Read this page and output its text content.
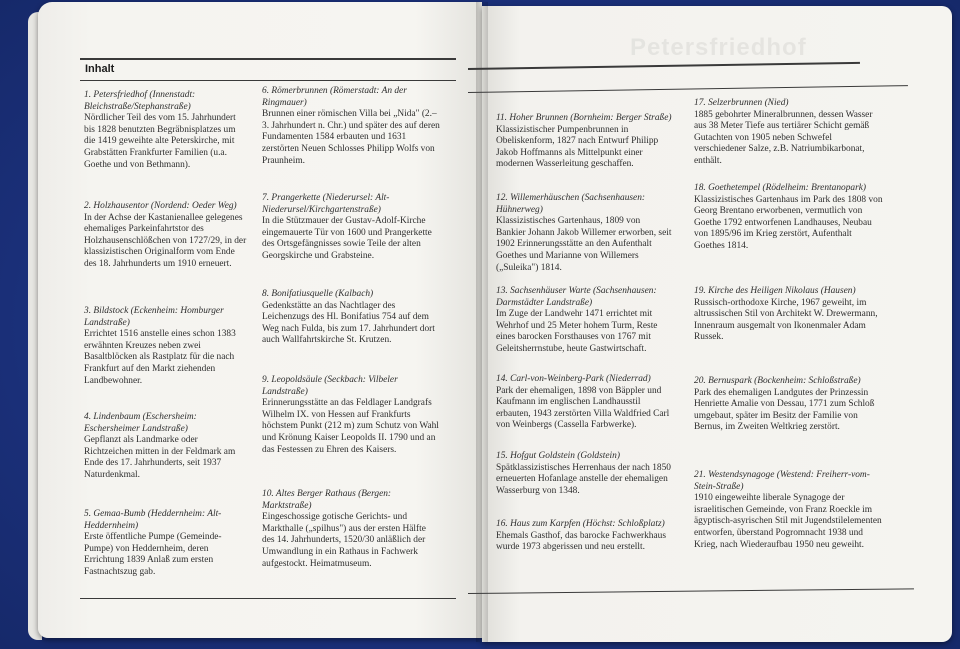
Petersfriedhof
Inhalt
1. Petersfriedhof (Innenstadt: Bleichstraße/Stephanstraße)
Nördlicher Teil des vom 15. Jahrhundert bis 1828 benutzten Begräbnisplatzes um die 1419 geweihte alte Peterskirche, mit Grabstätten Frankfurter Familien (u.a. Goethe und von Bethmann).
2. Holzhausentor (Nordend: Oeder Weg)
In der Achse der Kastanienallee gelegenes ehemaliges Parkeinfahrtstor des Holzhausenschlößchen von 1727/29, in der klassizistischen Originalform vom Ende des 18. Jahrhunderts um 1910 erneuert.
3. Bildstock (Eckenheim: Homburger Landstraße)
Errichtet 1516 anstelle eines schon 1383 erwähnten Kreuzes neben zwei Basaltblöcken als Rastplatz für die nach Frankfurt auf den Markt ziehenden Landbewohner.
4. Lindenbaum (Eschersheim: Eschersheimer Landstraße)
Gepflanzt als Landmarke oder Richtzeichen mitten in der Feldmark am Ende des 17. Jahrhunderts, seit 1937 Naturdenkmal.
5. Gemaa-Bumb (Heddernheim: Alt-Heddernheim)
Erste öffentliche Pumpe (Gemeinde-Pumpe) von Heddernheim, deren Errichtung 1839 Anlaß zum ersten Fastnachtszug gab.
6. Römerbrunnen (Römerstadt: An der Ringmauer)
Brunnen einer römischen Villa bei „Nida" (2.–3. Jahrhundert n. Chr.) und später des auf deren Fundamenten 1584 erbauten und 1631 zerstörten Neuen Schlosses Philipp Wolfs von Praunheim.
7. Prangerkette (Niederursel: Alt-Niederursel/Kirchgartenstraße)
In die Stützmauer der Gustav-Adolf-Kirche eingemauerte Tür von 1600 und Prangerkette des Ortsgefängnisses sowie Teile der alten Georgskirche und Grabsteine.
8. Bonifatiusquelle (Kalbach)
Gedenkstätte an das Nachtlager des Leichenzugs des Hl. Bonifatius 754 auf dem Weg nach Fulda, bis zum 17. Jahrhundert dort auch Wallfahrtskirche St. Krutzen.
9. Leopoldsäule (Seckbach: Vilbeler Landstraße)
Erinnerungsstätte an das Feldlager Landgrafs Wilhelm IX. von Hessen auf Frankfurts höchstem Punkt (212 m) zum Schutz von Wahl und Krönung Kaiser Leopolds II. 1790 und an das Festessen zu Ehren des Kaisers.
10. Altes Berger Rathaus (Bergen: Marktstraße)
Eingeschossige gotische Gerichts- und Markthalle („spilhus") aus der ersten Hälfte des 14. Jahrhunderts, 1520/30 anläßlich der Umwandlung in ein Rathaus in Fachwerk aufgestockt. Heimatmuseum.
11. Hoher Brunnen (Bornheim: Berger Straße)
Klassizistischer Pumpenbrunnen in Obeliskenform, 1827 nach Entwurf Philipp Jakob Hoffmanns als Mittelpunkt einer modernen Wasserleitung geschaffen.
12. Willemerhäuschen (Sachsenhausen: Hühnerweg)
Klassizistisches Gartenhaus, 1809 von Bankier Johann Jakob Willemer erworben, seit 1902 Erinnerungsstätte an den Aufenthalt Goethes und Marianne von Willemers („Suleika") 1814.
13. Sachsenhäuser Warte (Sachsenhausen: Darmstädter Landstraße)
Im Zuge der Landwehr 1471 errichtet mit Wehrhof und 25 Meter hohem Turm, Reste eines barocken Forsthauses von 1767 mit Geleitsherrnstube, heute Gastwirtschaft.
14. Carl-von-Weinberg-Park (Niederrad)
Park der ehemaligen, 1898 von Bäppler und Kaufmann im englischen Landhausstil erbauten, 1943 zerstörten Villa Waldfried Carl von Weinbergs (Cassella Farbwerke).
15. Hofgut Goldstein (Goldstein)
Spätklassizistisches Herrenhaus der nach 1850 erneuerten Hofanlage anstelle der ehemaligen Wasserburg von 1348.
16. Haus zum Karpfen (Höchst: Schloßplatz)
Ehemals Gasthof, das barocke Fachwerkhaus wurde 1973 abgerissen und neu erstellt.
17. Selzerbrunnen (Nied)
1885 gebohrter Mineralbrunnen, dessen Wasser aus 38 Meter Tiefe aus tertiärer Schicht gemäß Gutachten von 1905 neben Schwefel verschiedener Salze, z.B. Natriumbikarbonat, enthält.
18. Goethetempel (Rödelheim: Brentanopark)
Klassizistisches Gartenhaus im Park des 1808 von Georg Brentano erworbenen, vermutlich von Goethe 1792 entworfenen Landhauses, Neubau von 1895/96 im Krieg zerstört, Aufenthalt Goethes 1814.
19. Kirche des Heiligen Nikolaus (Hausen)
Russisch-orthodoxe Kirche, 1967 geweiht, im altrussischen Stil von Architekt W. Drewermann, Innenraum ausgemalt von Ikonenmaler Adam Russek.
20. Bernuspark (Bockenheim: Schloßstraße)
Park des ehemaligen Landgutes der Prinzessin Henriette Amalie von Dessau, 1771 zum Schloß umgebaut, später im Besitz der Familie von Bernus, im Zweiten Weltkrieg zerstört.
21. Westendsynagoge (Westend: Freiherr-vom-Stein-Straße)
1910 eingeweihte liberale Synagoge der israelitischen Gemeinde, von Franz Roeckle im ägyptisch-asyrischen Stil mit Jugendstilelementen entworfen, überstand Pogromnacht 1938 und Krieg, nach Wiederaufbau 1950 neu geweiht.
